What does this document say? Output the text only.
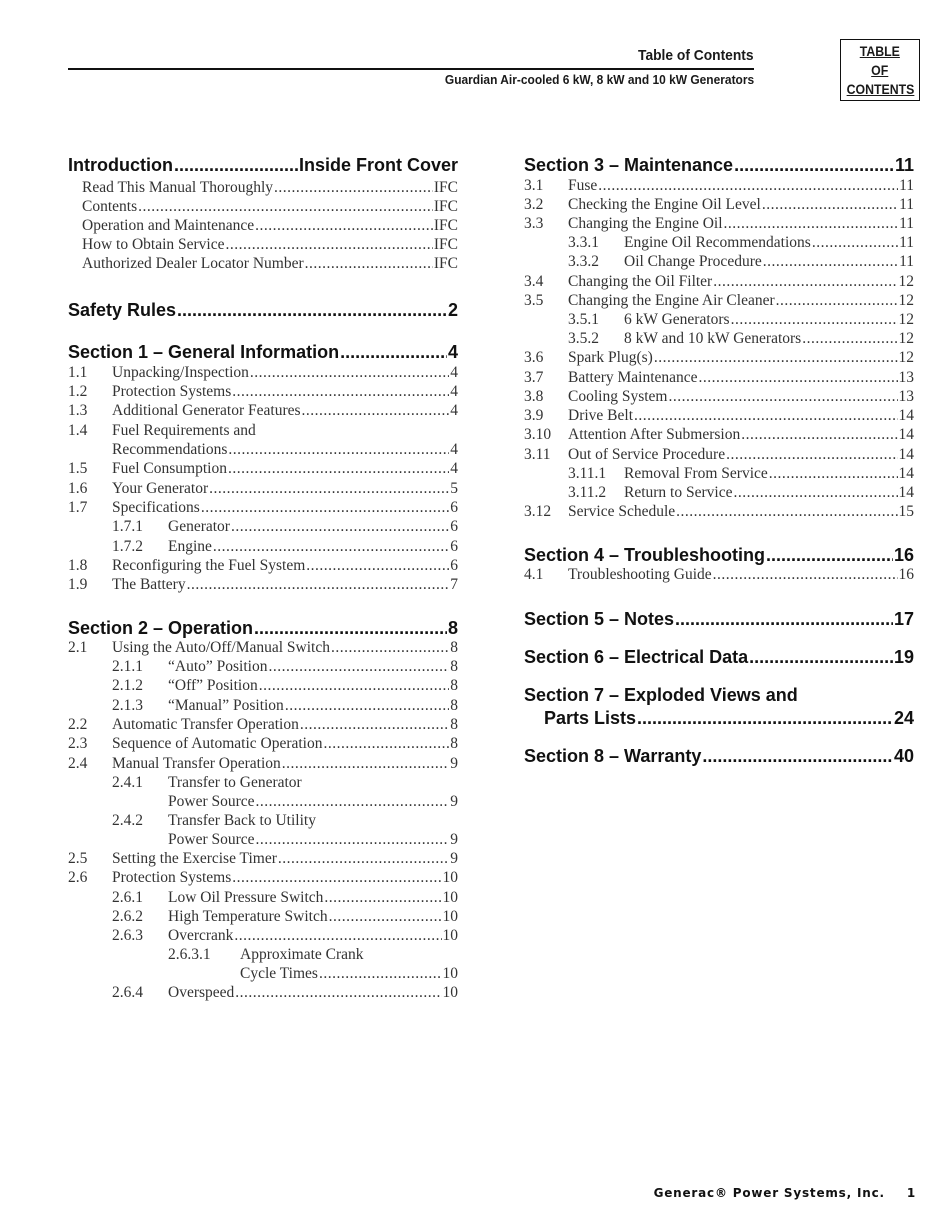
Table of Contents
Guardian Air-cooled 6 kW, 8 kW and 10 kW Generators
TABLE
OF
CONTENTS
Introduction .....	Inside Front Cover
Read This Manual Thoroughly .....	IFC
Contents .....	IFC
Operation and Maintenance .....	IFC
How to Obtain Service .....	IFC
Authorized Dealer Locator Number .....	IFC
Safety Rules .....	2
Section 1 – General Information .....	4
1.1	Unpacking/Inspection .....	4
1.2	Protection Systems .....	4
1.3	Additional Generator Features .....	4
1.4	Fuel Requirements and
Recommendations .....	4
1.5	Fuel Consumption .....	4
1.6	Your Generator .....	5
1.7	Specifications .....	6
1.7.1	Generator .....	6
1.7.2	Engine .....	6
1.8	Reconfiguring the Fuel System .....	6
1.9	The Battery .....	7
Section 2 – Operation .....	8
2.1	Using the Auto/Off/Manual Switch .....	8
2.1.1	“Auto” Position .....	8
2.1.2	“Off” Position .....	8
2.1.3	“Manual” Position .....	8
2.2	Automatic Transfer Operation .....	8
2.3	Sequence of Automatic Operation .....	8
2.4	Manual Transfer Operation .....	9
2.4.1	Transfer to Generator
Power Source .....	9
2.4.2	Transfer Back to Utility
Power Source .....	9
2.5	Setting the Exercise Timer .....	9
2.6	Protection Systems .....	10
2.6.1	Low Oil Pressure Switch .....	10
2.6.2	High Temperature Switch .....	10
2.6.3	Overcrank .....	10
2.6.3.1	Approximate Crank
Cycle Times .....	10
2.6.4	Overspeed .....	10
Section 3 – Maintenance .....	11
3.1	Fuse .....	11
3.2	Checking the Engine Oil Level .....	11
3.3	Changing the Engine Oil .....	11
3.3.1	Engine Oil Recommendations .....	11
3.3.2	Oil Change Procedure .....	11
3.4	Changing the Oil Filter .....	12
3.5	Changing the Engine Air Cleaner .....	12
3.5.1	6 kW Generators .....	12
3.5.2	8 kW and 10 kW Generators .....	12
3.6	Spark Plug(s) .....	12
3.7	Battery Maintenance .....	13
3.8	Cooling System .....	13
3.9	Drive Belt .....	14
3.10	Attention After Submersion .....	14
3.11	Out of Service Procedure .....	14
3.11.1	Removal From Service .....	14
3.11.2	Return to Service .....	14
3.12	Service Schedule .....	15
Section 4 – Troubleshooting .....	16
4.1	Troubleshooting Guide .....	16
Section 5 – Notes .....	17
Section 6 – Electrical Data .....	19
Section 7 – Exploded Views and
Parts Lists .....	24
Section 8 – Warranty .....	40
Generac® Power Systems, Inc. 1
